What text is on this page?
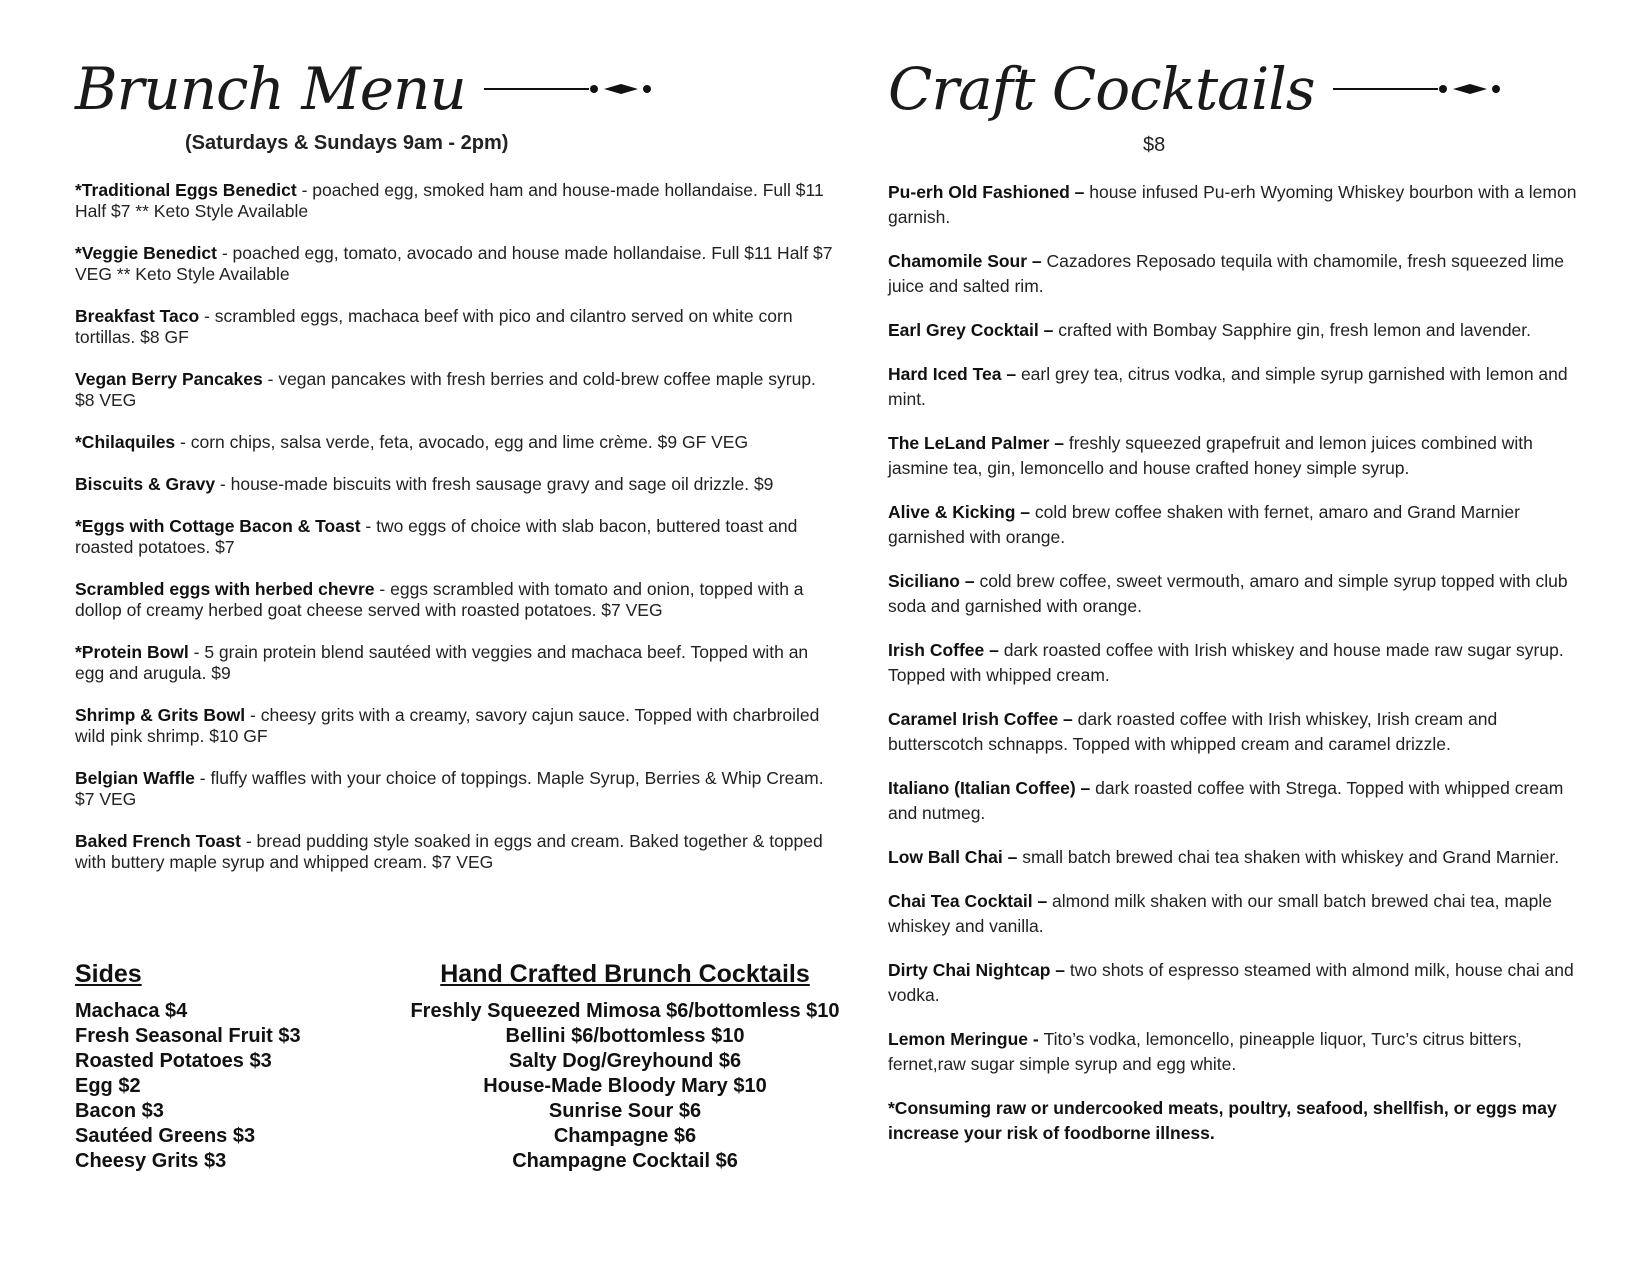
Brunch Menu
(Saturdays & Sundays 9am - 2pm)
*Traditional Eggs Benedict - poached egg, smoked ham and house-made hollandaise. Full $11 Half $7 ** Keto Style Available
*Veggie Benedict - poached egg, tomato, avocado and house made hollandaise. Full $11 Half $7 VEG ** Keto Style Available
Breakfast Taco - scrambled eggs, machaca beef with pico and cilantro served on white corn tortillas. $8 GF
Vegan Berry Pancakes - vegan pancakes with fresh berries and cold-brew coffee maple syrup. $8 VEG
*Chilaquiles - corn chips, salsa verde, feta, avocado, egg and lime crème. $9 GF VEG
Biscuits & Gravy - house-made biscuits with fresh sausage gravy and sage oil drizzle. $9
*Eggs with Cottage Bacon & Toast - two eggs of choice with slab bacon, buttered toast and roasted potatoes. $7
Scrambled eggs with herbed chevre - eggs scrambled with tomato and onion, topped with a dollop of creamy herbed goat cheese served with roasted potatoes. $7 VEG
*Protein Bowl - 5 grain protein blend sautéed with veggies and machaca beef. Topped with an egg and arugula. $9
Shrimp & Grits Bowl - cheesy grits with a creamy, savory cajun sauce. Topped with charbroiled wild pink shrimp. $10 GF
Belgian Waffle - fluffy waffles with your choice of toppings. Maple Syrup, Berries & Whip Cream. $7 VEG
Baked French Toast - bread pudding style soaked in eggs and cream. Baked together & topped with buttery maple syrup and whipped cream. $7 VEG
Sides
Machaca $4
Fresh Seasonal Fruit $3
Roasted Potatoes $3
Egg $2
Bacon $3
Sautéed Greens $3
Cheesy Grits $3
Hand Crafted Brunch Cocktails
Freshly Squeezed Mimosa $6/bottomless $10
Bellini $6/bottomless $10
Salty Dog/Greyhound $6
House-Made Bloody Mary $10
Sunrise Sour $6
Champagne $6
Champagne Cocktail $6
Craft Cocktails
$8
Pu-erh Old Fashioned – house infused Pu-erh Wyoming Whiskey bourbon with a lemon garnish.
Chamomile Sour – Cazadores Reposado tequila with chamomile, fresh squeezed lime juice and salted rim.
Earl Grey Cocktail – crafted with Bombay Sapphire gin, fresh lemon and lavender.
Hard Iced Tea – earl grey tea, citrus vodka, and simple syrup garnished with lemon and mint.
The LeLand Palmer – freshly squeezed grapefruit and lemon juices combined with jasmine tea, gin, lemoncello and house crafted honey simple syrup.
Alive & Kicking – cold brew coffee shaken with fernet, amaro and Grand Marnier garnished with orange.
Siciliano – cold brew coffee, sweet vermouth, amaro and simple syrup topped with club soda and garnished with orange.
Irish Coffee – dark roasted coffee with Irish whiskey and house made raw sugar syrup. Topped with whipped cream.
Caramel Irish Coffee – dark roasted coffee with Irish whiskey, Irish cream and butterscotch schnapps. Topped with whipped cream and caramel drizzle.
Italiano (Italian Coffee) – dark roasted coffee with Strega. Topped with whipped cream and nutmeg.
Low Ball Chai – small batch brewed chai tea shaken with whiskey and Grand Marnier.
Chai Tea Cocktail – almond milk shaken with our small batch brewed chai tea, maple whiskey and vanilla.
Dirty Chai Nightcap – two shots of espresso steamed with almond milk, house chai and vodka.
Lemon Meringue - Tito’s vodka, lemoncello, pineapple liquor, Turc’s citrus bitters, fernet,raw sugar simple syrup and egg white.
*Consuming raw or undercooked meats, poultry, seafood, shellfish, or eggs may increase your risk of foodborne illness.
